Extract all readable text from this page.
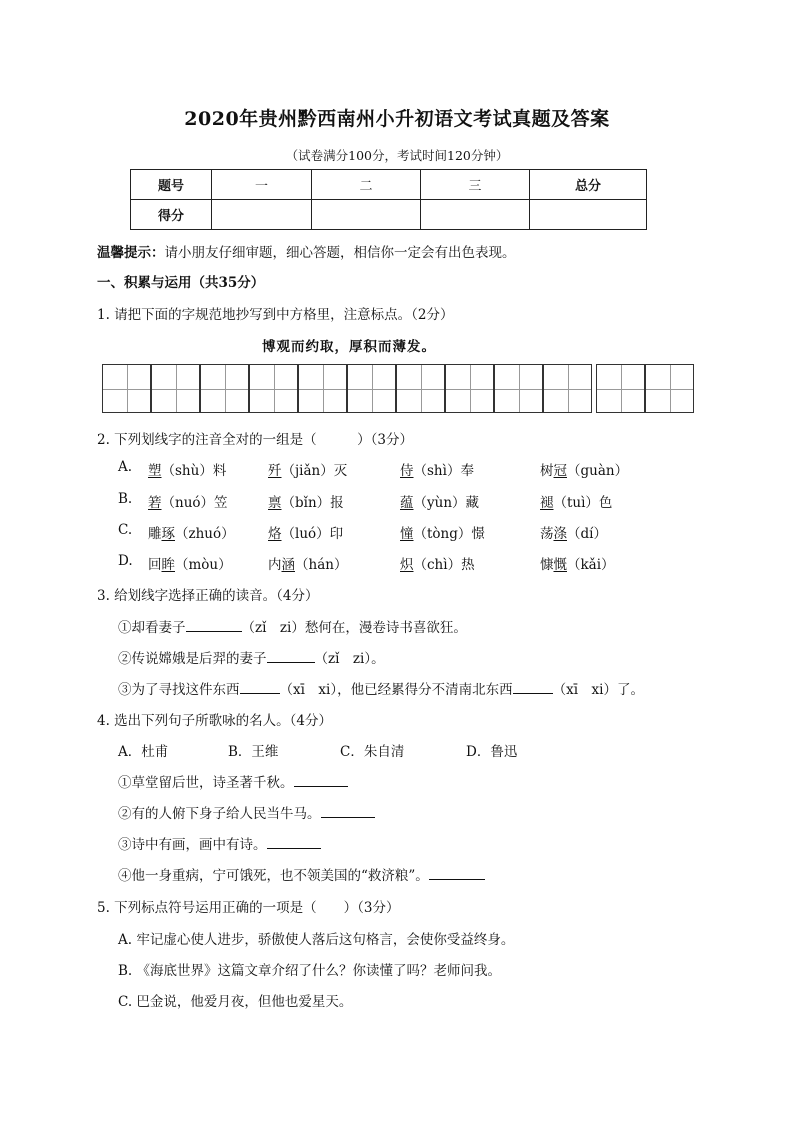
2020年贵州黔西南州小升初语文考试真题及答案
（试卷满分100分，考试时间120分钟）
题号	一	二	三	总分
得分				
温馨提示：请小朋友仔细审题，细心答题，相信你一定会有出色表现。
一、积累与运用（共35分）
1. 请把下面的字规范地抄写到中方格里，注意标点。（2分）
博观而约取，厚积而薄发。
2. 下列划线字的注音全对的一组是（　　　）（3分）
A. 塑（shù）料	歼（jiǎn）灭	侍（shì）奉	树冠（guàn）
B. 箬（nuó）笠	禀（bǐn）报	蕴（yùn）藏	褪（tuì）色
C. 雕琢（zhuó） 烙（luó）印	憧（tòng）憬	荡涤（dí）
D. 回眸（mòu）	内涵（hán）	炽（chì）热	慷慨（kǎi）
3. 给划线字选择正确的读音。（4分）
①却看妻子	（zǐ　zi）愁何在，漫卷诗书喜欲狂。
②传说嫦娥是后羿的妻子	（zǐ　zi）。
③为了寻找这件东西	（xī　xi），他已经累得分不清南北东西	（xī　xi）了。
4. 选出下列句子所歌咏的名人。（4分）
A．杜甫	B．王维	C．朱自清	D．鲁迅
①草堂留后世，诗圣著千秋。
②有的人俯下身子给人民当牛马。
③诗中有画，画中有诗。
④他一身重病，宁可饿死，也不领美国的“救济粮”。
5. 下列标点符号运用正确的一项是（　　）（3分）
A. 牢记虚心使人进步，骄傲使人落后这句格言，会使你受益终身。
B. 《海底世界》这篇文章介绍了什么？你读懂了吗？老师问我。
C. 巴金说，他爱月夜，但他也爱星天。
